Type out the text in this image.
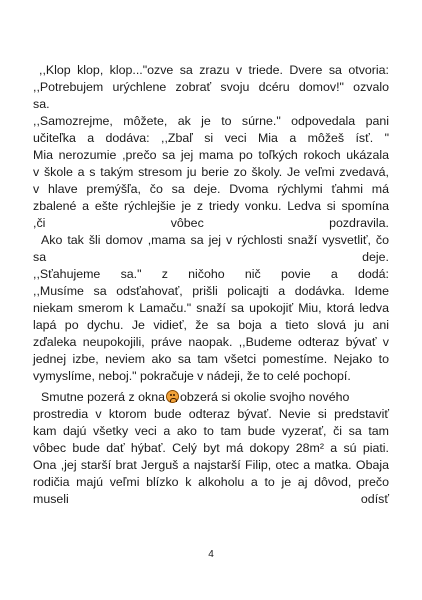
,,Klop klop, klop..."ozve sa zrazu v triede. Dvere sa otvoria:

,,Potrebujem urýchlene zobrať svoju dcéru domov!" ozvalo

sa.

,,Samozrejme, môžete, ak je to súrne." odpovedala pani

učiteľka a dodáva: ,,Zbaľ si veci Mia a môžeš ísť. "

Mia nerozumie ,prečo sa jej mama po toľkých rokoch ukázala

v škole a s takým stresom ju berie zo školy. Je veľmi zvedavá,

v hlave premýšľa, čo sa deje. Dvoma rýchlymi ťahmi má

zbalené a ešte rýchlejšie je z triedy vonku. Ledva si spomína

,či vôbec pozdravila.

Ako tak šli domov ,mama sa jej v rýchlosti snaží vysvetliť, čo

sa deje.

,,Sťahujeme sa." z ničoho nič povie a dodá:

,,Musíme sa odsťahovať, prišli policajti a dodávka. Ideme

niekam smerom k Lamaču." snaží sa upokojiť Miu, ktorá ledva

lapá po dychu. Je vidieť, že sa boja a tieto slová ju ani

zďaleka neupokojili, práve naopak. ,,Budeme odteraz bývať v

jednej izbe, neviem ako sa tam všetci pomestíme. Nejako to

vymyslíme, neboj." pokračuje v nádeji, že to celé pochopí.

Smutne pozerá z okna obzerá si okolie svojho nového

prostredia v ktorom bude odteraz bývať. Nevie si predstaviť

kam dajú všetky veci a ako to tam bude vyzerať, či sa tam

vôbec bude dať hýbať. Celý byt má dokopy 28m² a sú piati.

Ona ,jej starší brat Jerguš a najstarší Filip, otec a matka. Obaja

rodičia majú veľmi blízko k alkoholu a to je aj dôvod, prečo

museli odísť

4
